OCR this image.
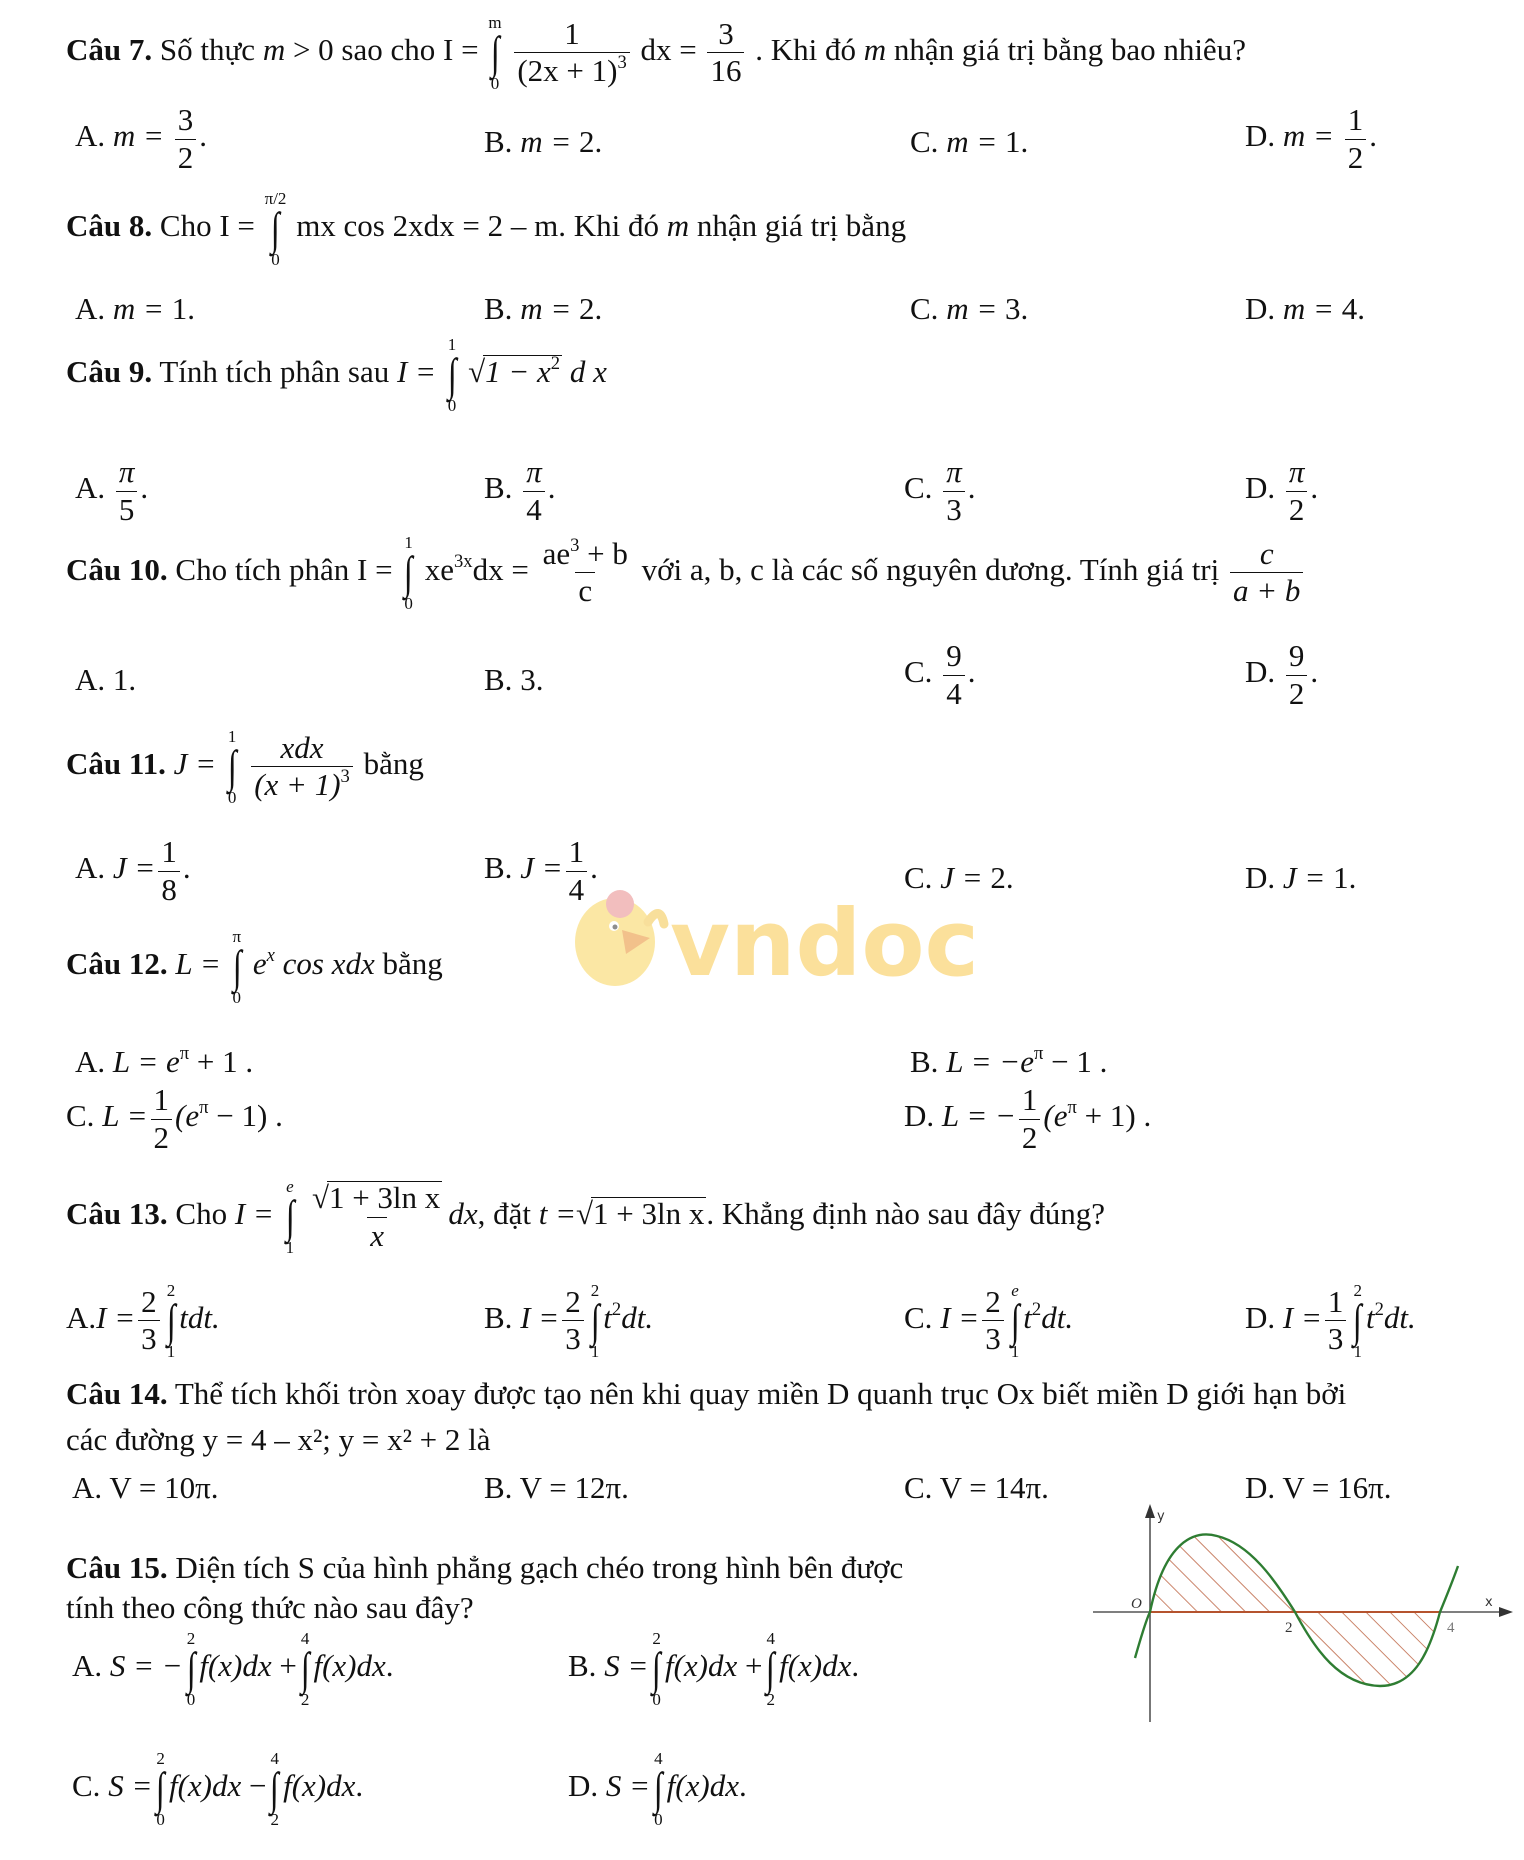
Câu 7. Số thực m > 0 sao cho I =
m
∫
0
$\frac{1}{(2x + 1)^3}$ dx = $\frac{3}{16}$ . Khi đó m nhận giá trị bằng bao nhiêu?
A. $m = \frac{3}{2}$ .	B. m = 2.	C. m = 1.	D. $m = \frac{1}{2}$ .
Câu 8. Cho I =
π/2
∫
0
mx cos 2xdx = 2 – m. Khi đó m nhận giá trị bằng
A. m = 1.	B. m = 2.	C. m = 3.	D. m = 4.
Câu 9. Tính tích phân sau I =
1
∫
0
$√1 - x^2$ d x
A. $\frac{\pi}{5}$ .	B. $\frac{\pi}{4}$ .	C. $\frac{\pi}{3}$ .	D. $\frac{\pi}{2}$ .
Câu 10. Cho tích phân I =
1
∫
0
$xe^{3x}dx = \frac{ae^3 + b}{c}$ với a, b, c là các số nguyên dương. Tính giá trị $\frac{c}{a + b}$
A. 1.	B. 3.	C. $\frac{9}{4}$ .	D. $\frac{9}{2}$ .
Câu 11. J =
1
∫
0
$\frac{\text{xdx}}{(x + 1)^3}$ bằng
A. $J = \frac{1}{8}$ .	B. $J = \frac{1}{4}$ .	C. J = 2.	D. J = 1.
vndoc
Câu 12. L =
π
∫
0
$e^x$ cos xdx bằng
A. $L = e^\pi + 1$ .	B. $L = -e^\pi - 1$ .
C. $L = \frac{1}{2} (e^\pi - 1)$ .	D. L = − $\frac{1}{2} (e^\pi + 1)$ .
Câu 13. Cho I =
e
∫
1
$\frac{\text{√1 + 3ln x}}{x}$ dx, đặt t =√1 + 3ln x. Khẳng định nào sau đây đúng?
$A.I = \frac{2}{3} 2$
∫
1
tdt.	B. $I = \frac{2}{3} 2$
∫
1
$t^2dt$.	C. $I = \frac{2}{3}$ e
∫
1
$t^2dt$.	D. $I = \frac{1}{3} 2$
∫
1
$t^2dt$.
Câu 14. Thể tích khối tròn xoay được tạo nên khi quay miền D quanh trục Ox biết miền D giới hạn bởi
các đường y = 4 – x²; y = x² + 2 là
A. V = 10π.	B. V = 12π.	C. V = 14π.	D. V = 16π.
Câu 15. Diện tích S của hình phẳng gạch chéo trong hình bên được
tính theo công thức nào sau đây?
A. S = −
2
∫
0
f(x)dx +
4
∫
2
f(x)dx.	B. S =
2
∫
0
f(x)dx +
4
∫
2
f(x)dx.
C. S =
2
∫
0
f(x)dx −
4
∫
2
f(x)dx.	D. S =
4
∫
0
f(x)dx.
y
x
O
2	4
